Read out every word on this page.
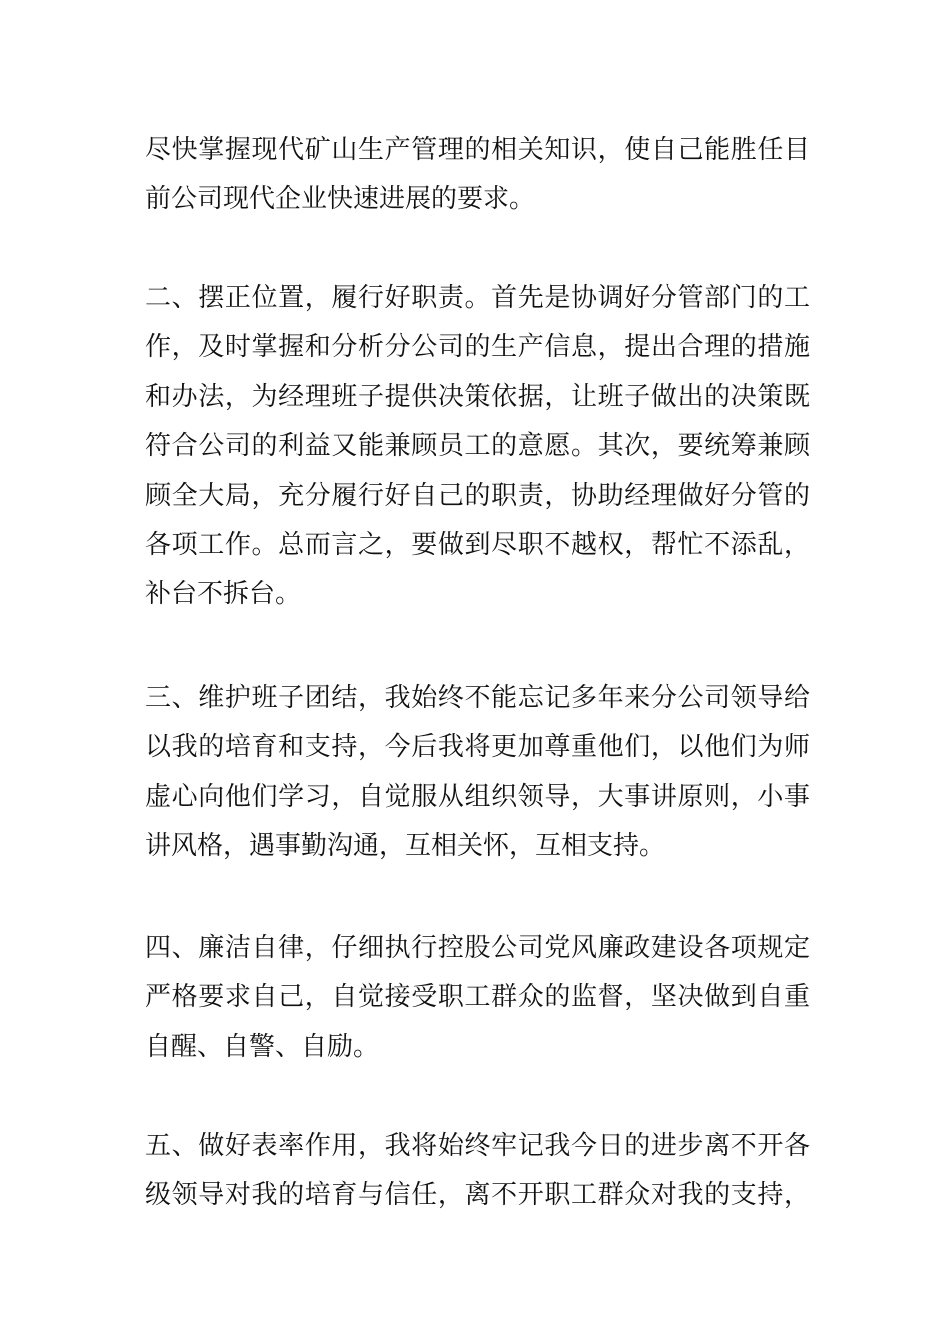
尽快掌握现代矿山生产管理的相关知识，使自己能胜任目
前公司现代企业快速进展的要求。

二、摆正位置，履行好职责。首先是协调好分管部门的工
作，及时掌握和分析分公司的生产信息，提出合理的措施
和办法，为经理班子提供决策依据，让班子做出的决策既
符合公司的利益又能兼顾员工的意愿。其次，要统筹兼顾
顾全大局，充分履行好自己的职责，协助经理做好分管的
各项工作。总而言之，要做到尽职不越权，帮忙不添乱，
补台不拆台。

三、维护班子团结，我始终不能忘记多年来分公司领导给
以我的培育和支持，今后我将更加尊重他们，以他们为师
虚心向他们学习，自觉服从组织领导，大事讲原则，小事
讲风格，遇事勤沟通，互相关怀，互相支持。

四、廉洁自律，仔细执行控股公司党风廉政建设各项规定
严格要求自己，自觉接受职工群众的监督，坚决做到自重
自醒、自警、自励。

五、做好表率作用，我将始终牢记我今日的进步离不开各
级领导对我的培育与信任，离不开职工群众对我的支持，
